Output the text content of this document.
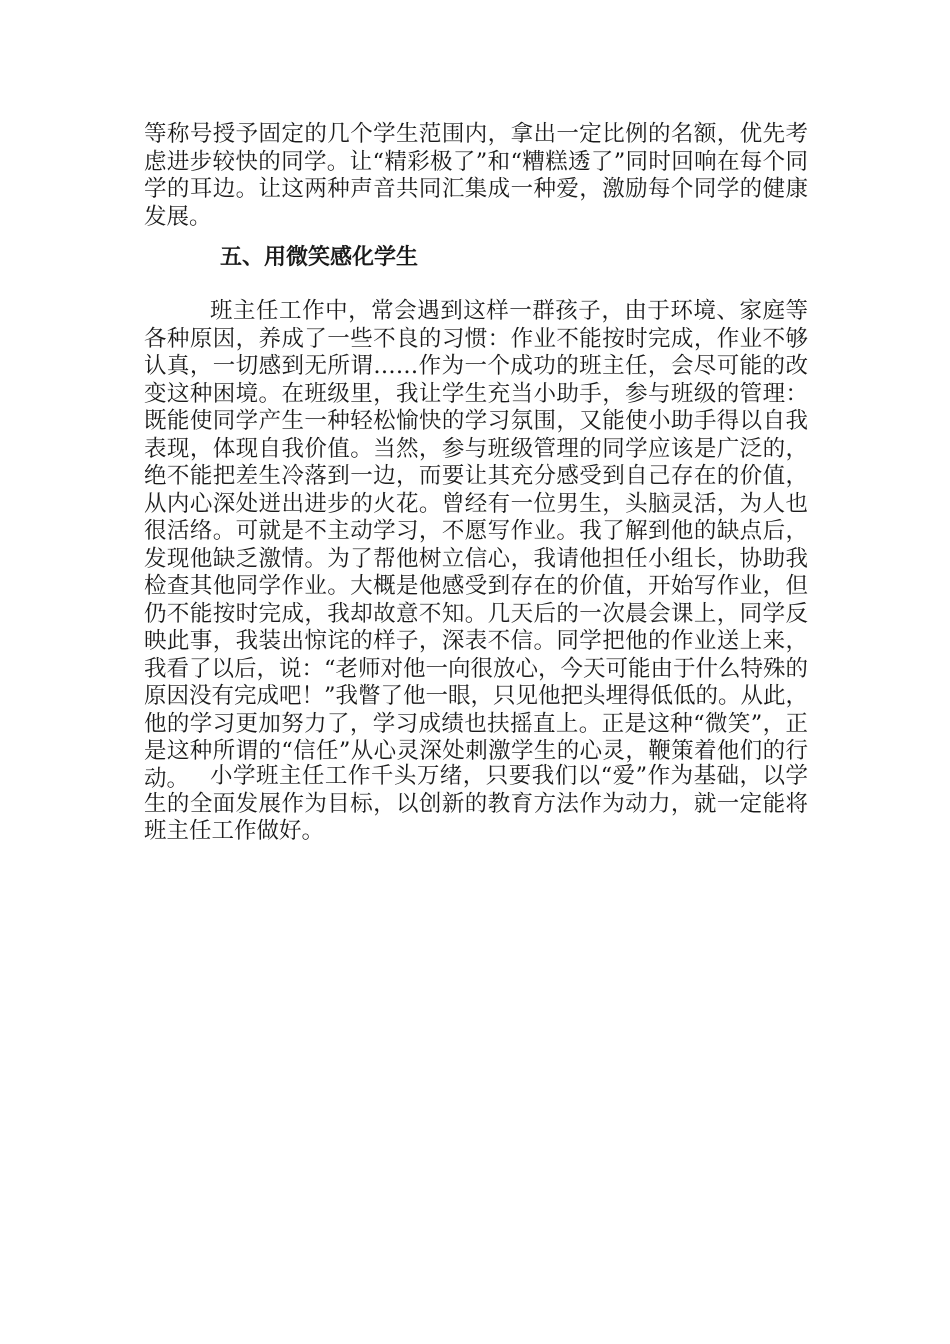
等称号授予固定的几个学生范围内，拿出一定比例的名额，优先考虑进步较快的同学。让“精彩极了”和“糟糕透了”同时回响在每个同学的耳边。让这两种声音共同汇集成一种爱，激励每个同学的健康发展。

五、用微笑感化学生

班主任工作中，常会遇到这样一群孩子，由于环境、家庭等各种原因，养成了一些不良的习惯：作业不能按时完成，作业不够认真，一切感到无所谓……作为一个成功的班主任，会尽可能的改变这种困境。在班级里，我让学生充当小助手，参与班级的管理：既能使同学产生一种轻松愉快的学习氛围，又能使小助手得以自我表现，体现自我价值。当然，参与班级管理的同学应该是广泛的，绝不能把差生冷落到一边，而要让其充分感受到自己存在的价值，从内心深处迸出进步的火花。曾经有一位男生，头脑灵活，为人也很活络。可就是不主动学习，不愿写作业。我了解到他的缺点后，发现他缺乏激情。为了帮他树立信心，我请他担任小组长，协助我检查其他同学作业。大概是他感受到存在的价值，开始写作业，但仍不能按时完成，我却故意不知。几天后的一次晨会课上，同学反映此事，我装出惊诧的样子，深表不信。同学把他的作业送上来，我看了以后，说：“老师对他一向很放心，今天可能由于什么特殊的原因没有完成吧！”我瞥了他一眼，只见他把头埋得低低的。从此，他的学习更加努力了，学习成绩也扶摇直上。正是这种“微笑”，正是这种所谓的“信任”从心灵深处刺激学生的心灵，鞭策着他们的行动。 小学班主任工作千头万绪，只要我们以“爱”作为基础，以学生的全面发展作为目标，以创新的教育方法作为动力，就一定能将班主任工作做好。
